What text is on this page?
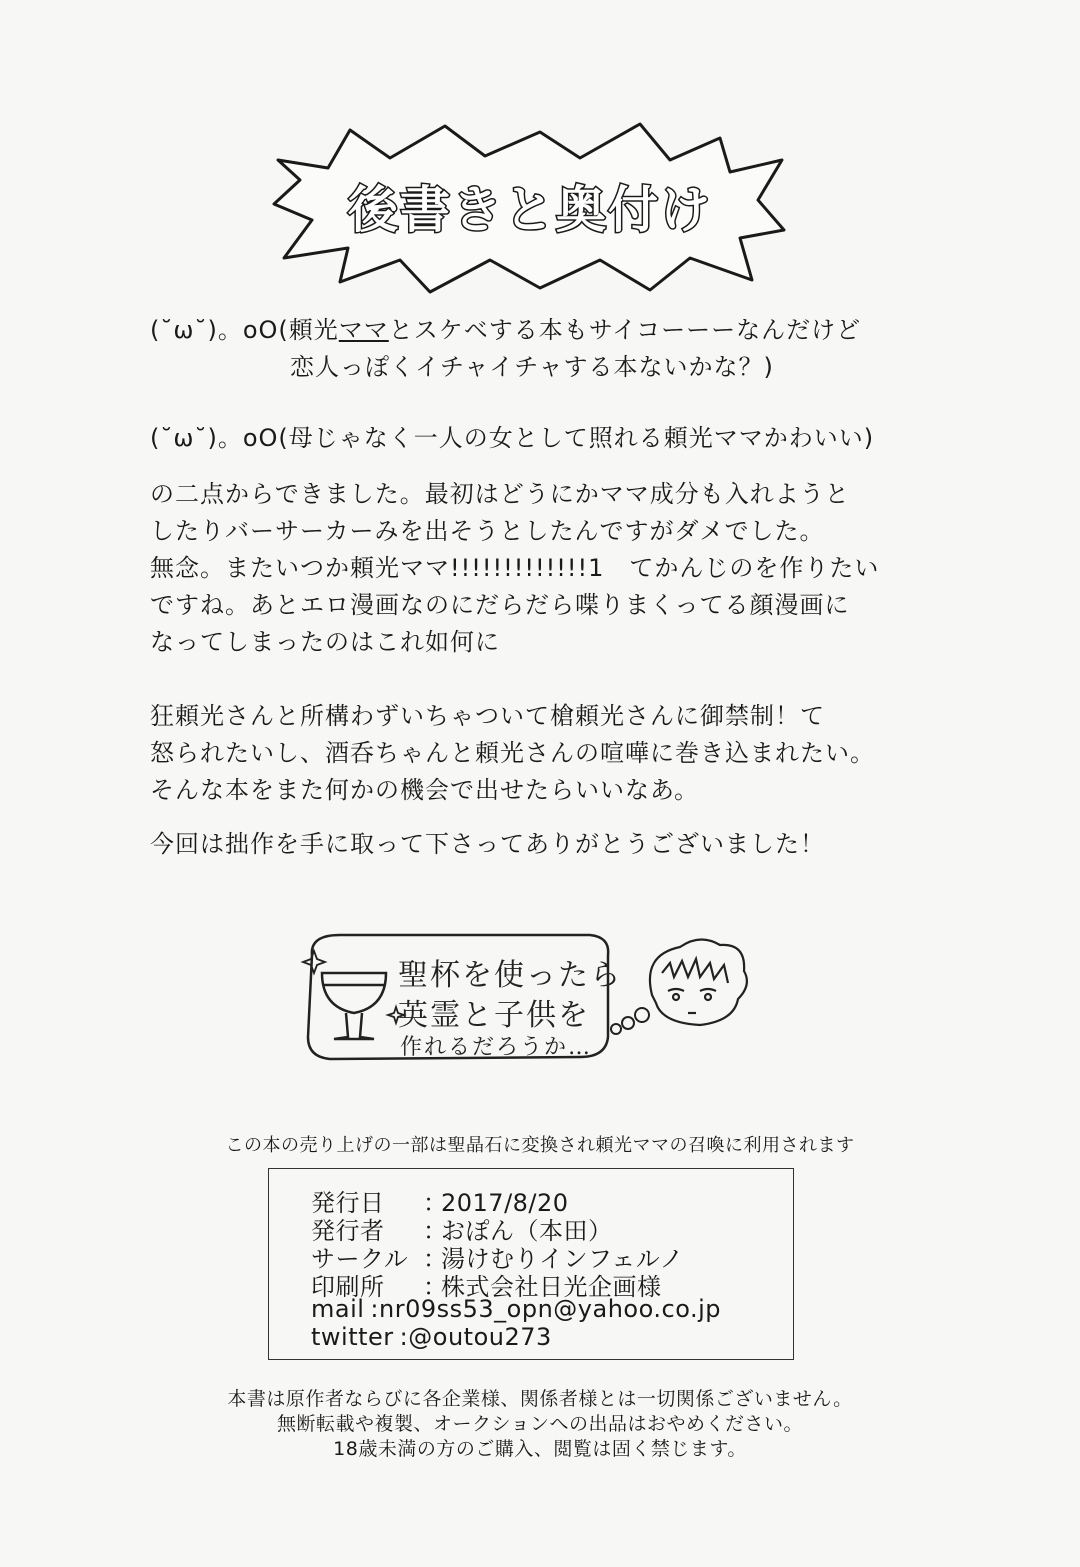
後書きと奥付け
(˘ω˘)。oO(頼光ママとスケベする本もサイコーーーなんだけど
恋人っぽくイチャイチャする本ないかな？)
(˘ω˘)。oO(母じゃなく一人の女として照れる頼光ママかわいい)
の二点からできました。最初はどうにかママ成分も入れようと
したりバーサーカーみを出そうとしたんですがダメでした。
無念。またいつか頼光ママ!!!!!!!!!!!!!1　てかんじのを作りたい
ですね。あとエロ漫画なのにだらだら喋りまくってる顔漫画に
なってしまったのはこれ如何に
狂頼光さんと所構わずいちゃついて槍頼光さんに御禁制！て
怒られたいし、酒呑ちゃんと頼光さんの喧嘩に巻き込まれたい。
そんな本をまた何かの機会で出せたらいいなあ。
今回は拙作を手に取って下さってありがとうございました！
聖杯を使ったら
英霊と子供を
作れるだろうか…
この本の売り上げの一部は聖晶石に変換され頼光ママの召喚に利用されます
発行日 ：2017/8/20
発行者 ：おぽん（本田）
サークル ：湯けむりインフェルノ
印刷所 ：株式会社日光企画様
mail :nr09ss53_opn@yahoo.co.jp
twitter :@outou273
本書は原作者ならびに各企業様、関係者様とは一切関係ございません。
無断転載や複製、オークションへの出品はおやめください。
18歳未満の方のご購入、閲覧は固く禁じます。
